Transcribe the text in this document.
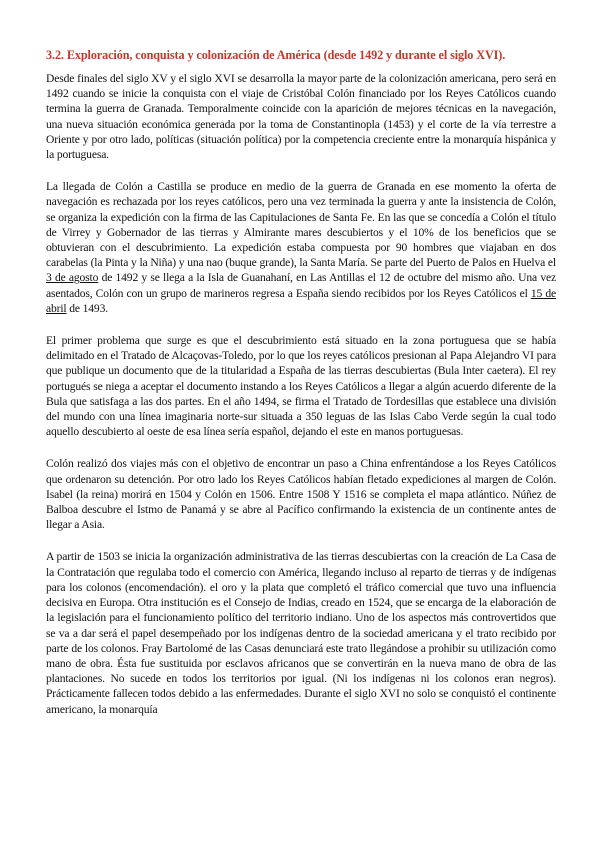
3.2. Exploración, conquista y colonización de América (desde 1492 y durante el siglo XVI).

Desde finales del siglo XV y el siglo XVI se desarrolla la mayor parte de la colonización americana, pero será en 1492 cuando se inicie la conquista con el viaje de Cristóbal Colón financiado por los Reyes Católicos cuando termina la guerra de Granada. Temporalmente coincide con la aparición de mejores técnicas en la navegación, una nueva situación económica generada por la toma de Constantinopla (1453) y el corte de la vía terrestre a Oriente y por otro lado, políticas (situación política) por la competencia creciente entre la monarquía hispánica y la portuguesa.

La llegada de Colón a Castilla se produce en medio de la guerra de Granada en ese momento la oferta de navegación es rechazada por los reyes católicos, pero una vez terminada la guerra y ante la insistencia de Colón, se organiza la expedición con la firma de las Capitulaciones de Santa Fe. En las que se concedía a Colón el título de Virrey y Gobernador de las tierras y Almirante mares descubiertos y el 10% de los beneficios que se obtuvieran con el descubrimiento. La expedición estaba compuesta por 90 hombres que viajaban en dos carabelas (la Pinta y la Niña) y una nao (buque grande), la Santa María. Se parte del Puerto de Palos en Huelva el 3 de agosto de 1492 y se llega a la Isla de Guanahaní, en Las Antillas el 12 de octubre del mismo año. Una vez asentados, Colón con un grupo de marineros regresa a España siendo recibidos por los Reyes Católicos el 15 de abril de 1493.

El primer problema que surge es que el descubrimiento está situado en la zona portuguesa que se había delimitado en el Tratado de Alcaçovas-Toledo, por lo que los reyes católicos presionan al Papa Alejandro VI para que publique un documento que de la titularidad a España de las tierras descubiertas (Bula Inter caetera). El rey portugués se niega a aceptar el documento instando a los Reyes Católicos a llegar a algún acuerdo diferente de la Bula que satisfaga a las dos partes. En el año 1494, se firma el Tratado de Tordesillas que establece una división del mundo con una línea imaginaria norte-sur situada a 350 leguas de las Islas Cabo Verde según la cual todo aquello descubierto al oeste de esa línea sería español, dejando el este en manos portuguesas.

Colón realizó dos viajes más con el objetivo de encontrar un paso a China enfrentándose a los Reyes Católicos que ordenaron su detención. Por otro lado los Reyes Católicos habían fletado expediciones al margen de Colón. Isabel (la reina) morirá en 1504 y Colón en 1506. Entre 1508 Y 1516 se completa el mapa atlántico. Núñez de Balboa descubre el Istmo de Panamá y se abre al Pacífico confirmando la existencia de un continente antes de llegar a Asia.

A partir de 1503 se inicia la organización administrativa de las tierras descubiertas con la creación de La Casa de la Contratación que regulaba todo el comercio con América, llegando incluso al reparto de tierras y de indígenas para los colonos (encomendación). el oro y la plata que completó el tráfico comercial que tuvo una influencia decisiva en Europa. Otra institución es el Consejo de Indias, creado en 1524, que se encarga de la elaboración de la legislación para el funcionamiento político del territorio indiano. Uno de los aspectos más controvertidos que se va a dar será el papel desempeñado por los indígenas dentro de la sociedad americana y el trato recibido por parte de los colonos. Fray Bartolomé de las Casas denunciará este trato llegándose a prohibir su utilización como mano de obra. Ésta fue sustituida por esclavos africanos que se convertirán en la nueva mano de obra de las plantaciones. No sucede en todos los territorios por igual. (Ni los indígenas ni los colonos eran negros). Prácticamente fallecen todos debido a las enfermedades. Durante el siglo XVI no solo se conquistó el continente americano, la monarquía
